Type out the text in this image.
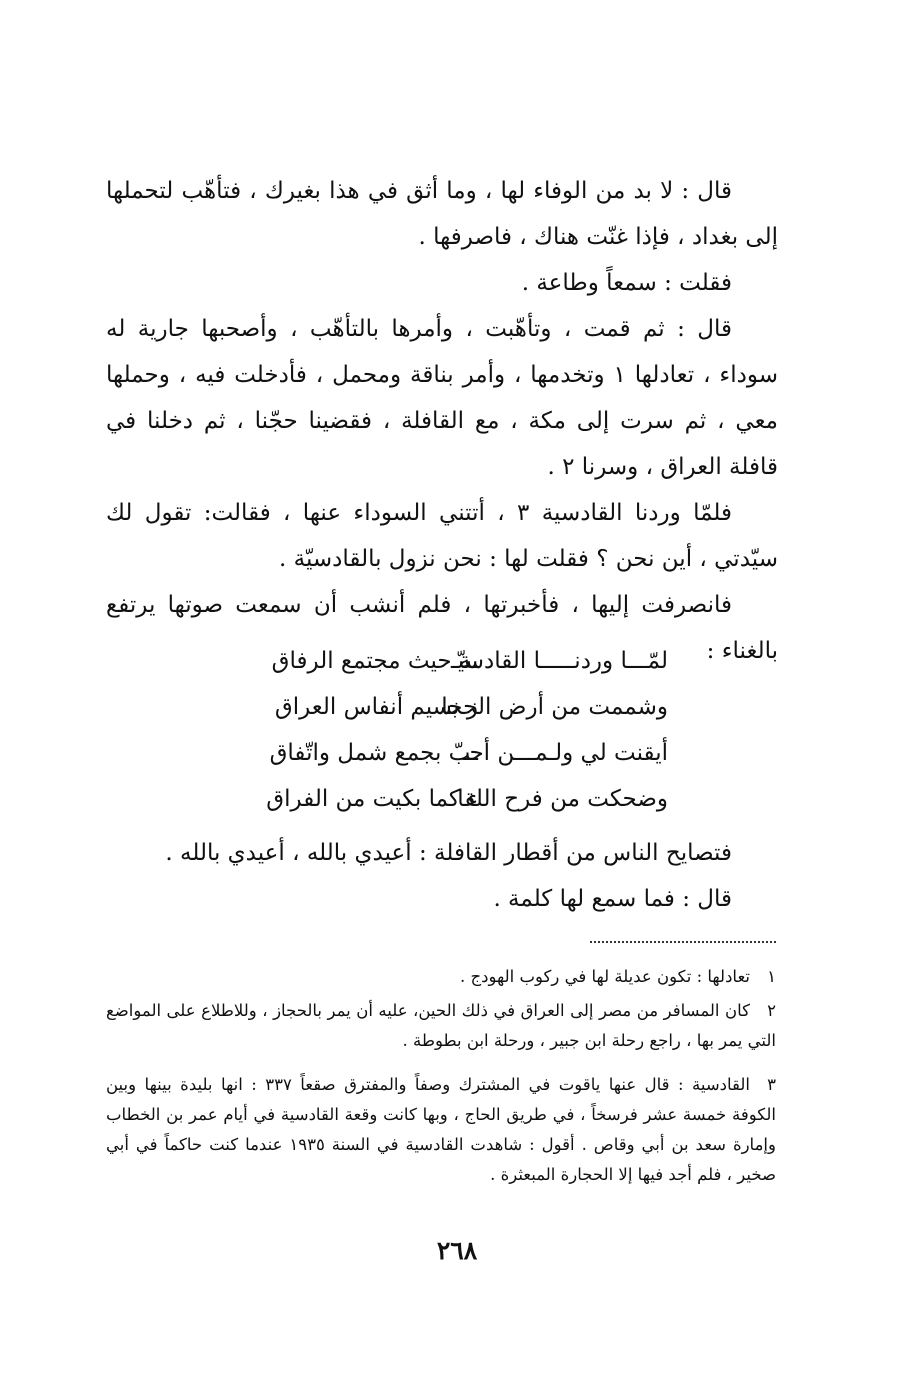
قال : لا بد من الوفاء لها ، وما أثق في هذا بغيرك ، فتأهّب لتحملها إلى بغداد ، فإذا غنّت هناك ، فاصرفها .
فقلت : سمعاً وطاعة .
قال : ثم قمت ، وتأهّبت ، وأمرها بالتأهّب ، وأصحبها جارية له سوداء ، تعادلها ١ وتخدمها ، وأمر بناقة ومحمل ، فأدخلت فيه ، وحملها معي ، ثم سرت إلى مكة ، مع القافلة ، فقضينا حجّنا ، ثم دخلنا في قافلة العراق ، وسرنا ٢ .
فلمّا وردنا القادسية ٣ ، أتتني السوداء عنها ، فقالت: تقول لك سيّدتي ، أين نحن ؟ فقلت لها : نحن نزول بالقادسيّة .
فانصرفت إليها ، فأخبرتها ، فلم أنشب أن سمعت صوتها يرتفع بالغناء :
لمّـــا وردنـــــا القادسيّـ
ـة حيث مجتمع الرفاق
وشممت من أرض الحجا
ز نسيم أنفاس العراق
أيقنت لي ولـمـــن أحـ
ـبّ بجمع شمل واتّفاق
وضحكت من فرح اللقا
ء كما بكيت من الفراق
فتصايح الناس من أقطار القافلة : أعيدي بالله ، أعيدي بالله .
قال : فما سمع لها كلمة .
١تعادلها : تكون عديلة لها في ركوب الهودج .
٢كان المسافر من مصر إلى العراق في ذلك الحين، عليه أن يمر بالحجاز ، وللاطلاع على المواضع التي يمر بها ، راجع رحلة ابن جبير ، ورحلة ابن بطوطة .
٣القادسية : قال عنها ياقوت في المشترك وصفاً والمفترق صقعاً ٣٣٧ : انها بليدة بينها وبين الكوفة خمسة عشر فرسخاً ، في طريق الحاج ، وبها كانت وقعة القادسية في أيام عمر بن الخطاب وإمارة سعد بن أبي وقاص . أقول : شاهدت القادسية في السنة ١٩٣٥ عندما كنت حاكماً في أبي صخير ، فلم أجد فيها إلا الحجارة المبعثرة .
٢٦٨
